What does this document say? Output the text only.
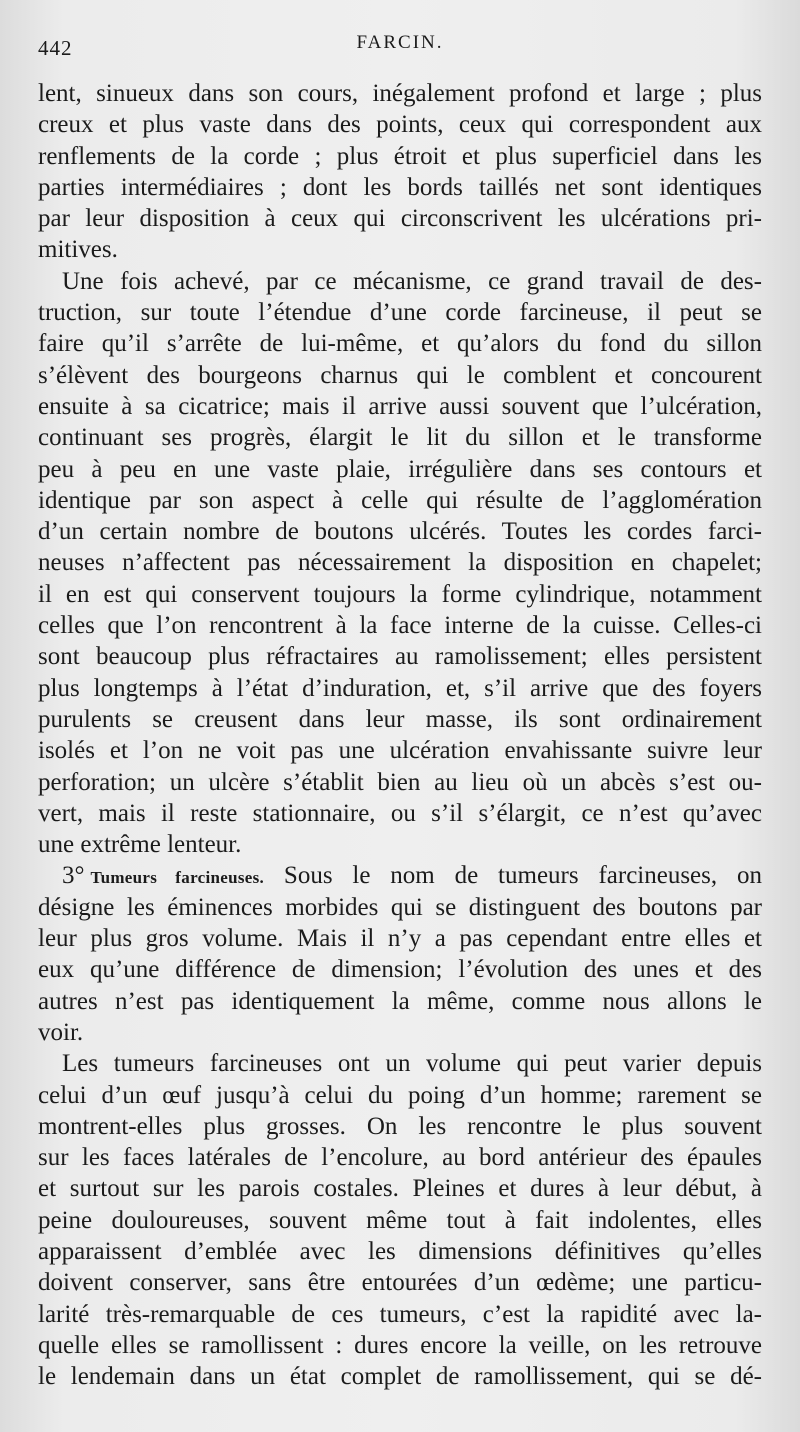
442	FARCIN.
lent, sinueux dans son cours, inégalement profond et large ; plus
creux et plus vaste dans des points, ceux qui correspondent aux
renflements de la corde ; plus étroit et plus superficiel dans les
parties intermédiaires ; dont les bords taillés net sont identiques
par leur disposition à ceux qui circonscrivent les ulcérations pri-
mitives.
Une fois achevé, par ce mécanisme, ce grand travail de des-
truction, sur toute l’étendue d’une corde farcineuse, il peut se
faire qu’il s’arrête de lui-même, et qu’alors du fond du sillon
s’élèvent des bourgeons charnus qui le comblent et concourent
ensuite à sa cicatrice; mais il arrive aussi souvent que l’ulcération,
continuant ses progrès, élargit le lit du sillon et le transforme
peu à peu en une vaste plaie, irrégulière dans ses contours et
identique par son aspect à celle qui résulte de l’agglomération
d’un certain nombre de boutons ulcérés. Toutes les cordes farci-
neuses n’affectent pas nécessairement la disposition en chapelet;
il en est qui conservent toujours la forme cylindrique, notamment
celles que l’on rencontrent à la face interne de la cuisse. Celles-ci
sont beaucoup plus réfractaires au ramolissement; elles persistent
plus longtemps à l’état d’induration, et, s’il arrive que des foyers
purulents se creusent dans leur masse, ils sont ordinairement
isolés et l’on ne voit pas une ulcération envahissante suivre leur
perforation; un ulcère s’établit bien au lieu où un abcès s’est ou-
vert, mais il reste stationnaire, ou s’il s’élargit, ce n’est qu’avec
une extrême lenteur.
3° Tumeurs farcineuses. Sous le nom de tumeurs farcineuses, on
désigne les éminences morbides qui se distinguent des boutons par
leur plus gros volume. Mais il n’y a pas cependant entre elles et
eux qu’une différence de dimension; l’évolution des unes et des
autres n’est pas identiquement la même, comme nous allons le
voir.
Les tumeurs farcineuses ont un volume qui peut varier depuis
celui d’un œuf jusqu’à celui du poing d’un homme; rarement se
montrent-elles plus grosses. On les rencontre le plus souvent
sur les faces latérales de l’encolure, au bord antérieur des épaules
et surtout sur les parois costales. Pleines et dures à leur début, à
peine douloureuses, souvent même tout à fait indolentes, elles
apparaissent d’emblée avec les dimensions définitives qu’elles
doivent conserver, sans être entourées d’un œdème; une particu-
larité très-remarquable de ces tumeurs, c’est la rapidité avec la-
quelle elles se ramollissent : dures encore la veille, on les retrouve
le lendemain dans un état complet de ramollissement, qui se dé-
